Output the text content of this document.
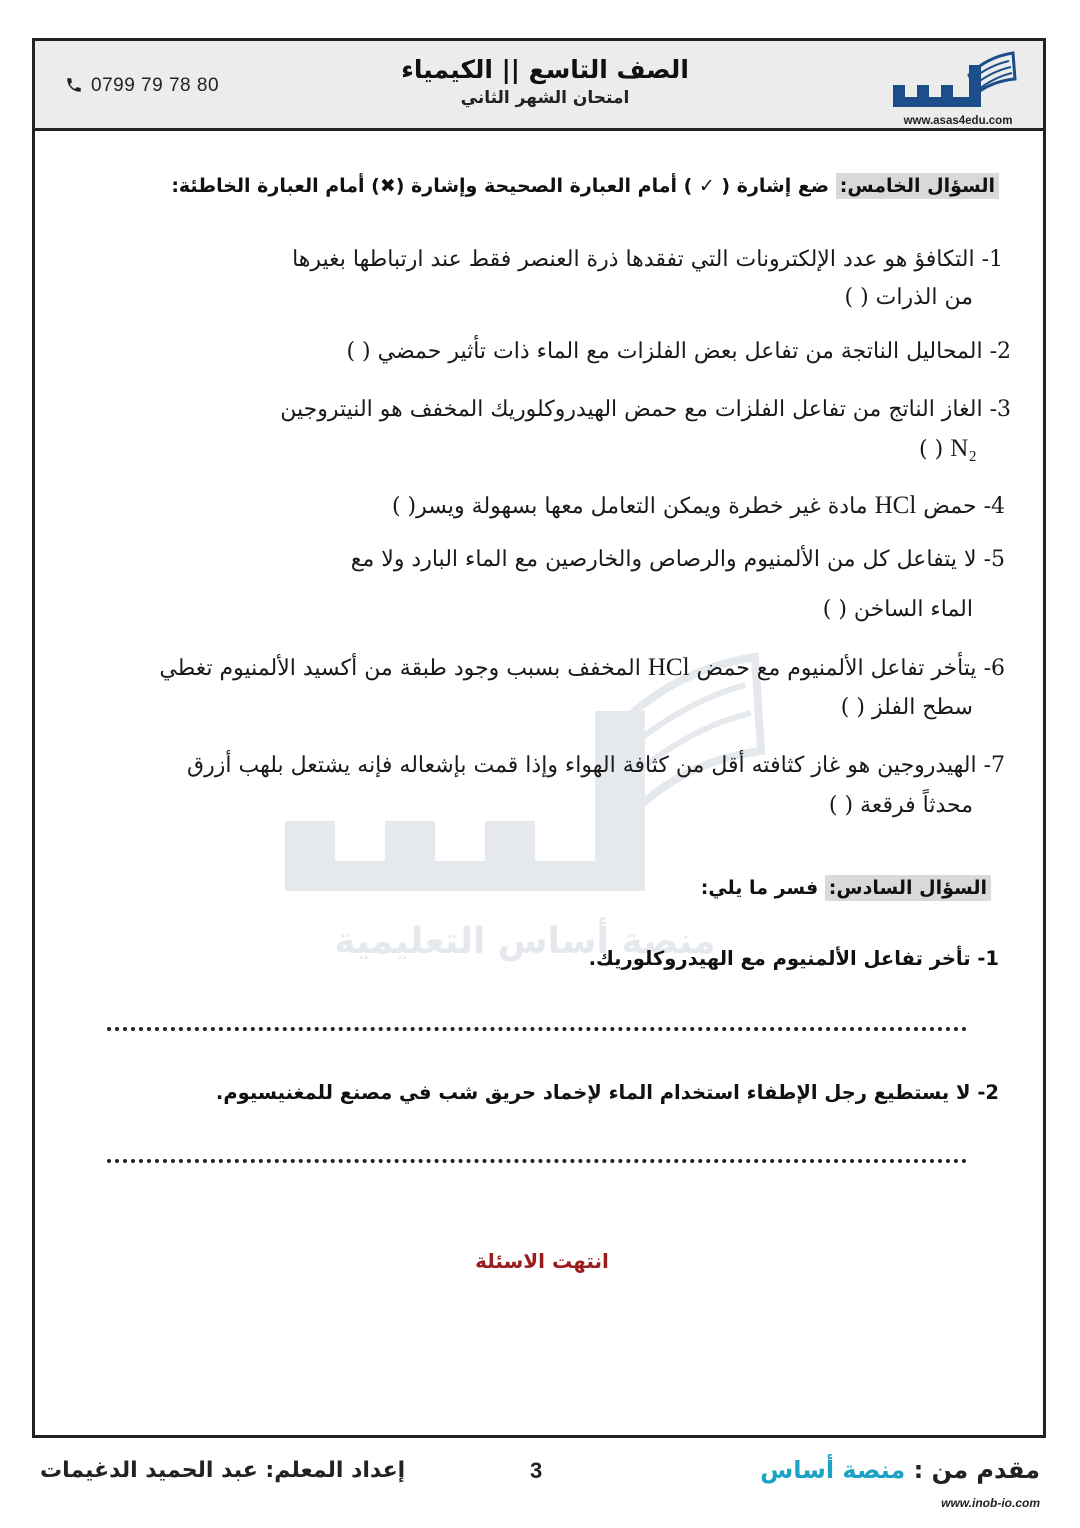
0799 79 78 80
الصف التاسع || الكيمياء
امتحان الشهر الثاني
www.asas4edu.com
منصة أساس التعليمية
السؤال الخامس: ضع إشارة ( ✓ ) أمام العبارة الصحيحة وإشارة (✖) أمام العبارة الخاطئة:
1- التكافؤ هو عدد الإلكترونات التي تفقدها ذرة العنصر فقط عند ارتباطها بغيرها
من الذرات ( )
2- المحاليل الناتجة من تفاعل بعض الفلزات مع الماء ذات تأثير حمضي ( )
3- الغاز الناتج من تفاعل الفلزات مع حمض الهيدروكلوريك المخفف هو النيتروجين
N₂ ( )
4- حمض HCl مادة غير خطرة ويمكن التعامل معها بسهولة ويسر( )
5- لا يتفاعل كل من الألمنيوم والرصاص والخارصين مع الماء البارد ولا مع
الماء الساخن ( )
6- يتأخر تفاعل الألمنيوم مع حمض HCl المخفف بسبب وجود طبقة من أكسيد الألمنيوم تغطي
سطح الفلز ( )
7- الهيدروجين هو غاز كثافته أقل من كثافة الهواء وإذا قمت بإشعاله فإنه يشتعل بلهب أزرق
محدثاً فرقعة ( )
السؤال السادس: فسر ما يلي:
1- تأخر تفاعل الألمنيوم مع الهيدروكلوريك.
2- لا يستطيع رجل الإطفاء استخدام الماء لإخماد حريق شب في مصنع للمغنيسيوم.
انتهت الاسئلة
إعداد المعلم: عبد الحميد الدغيمات	3	مقدم من : منصة أساس
www.inob-io.com
